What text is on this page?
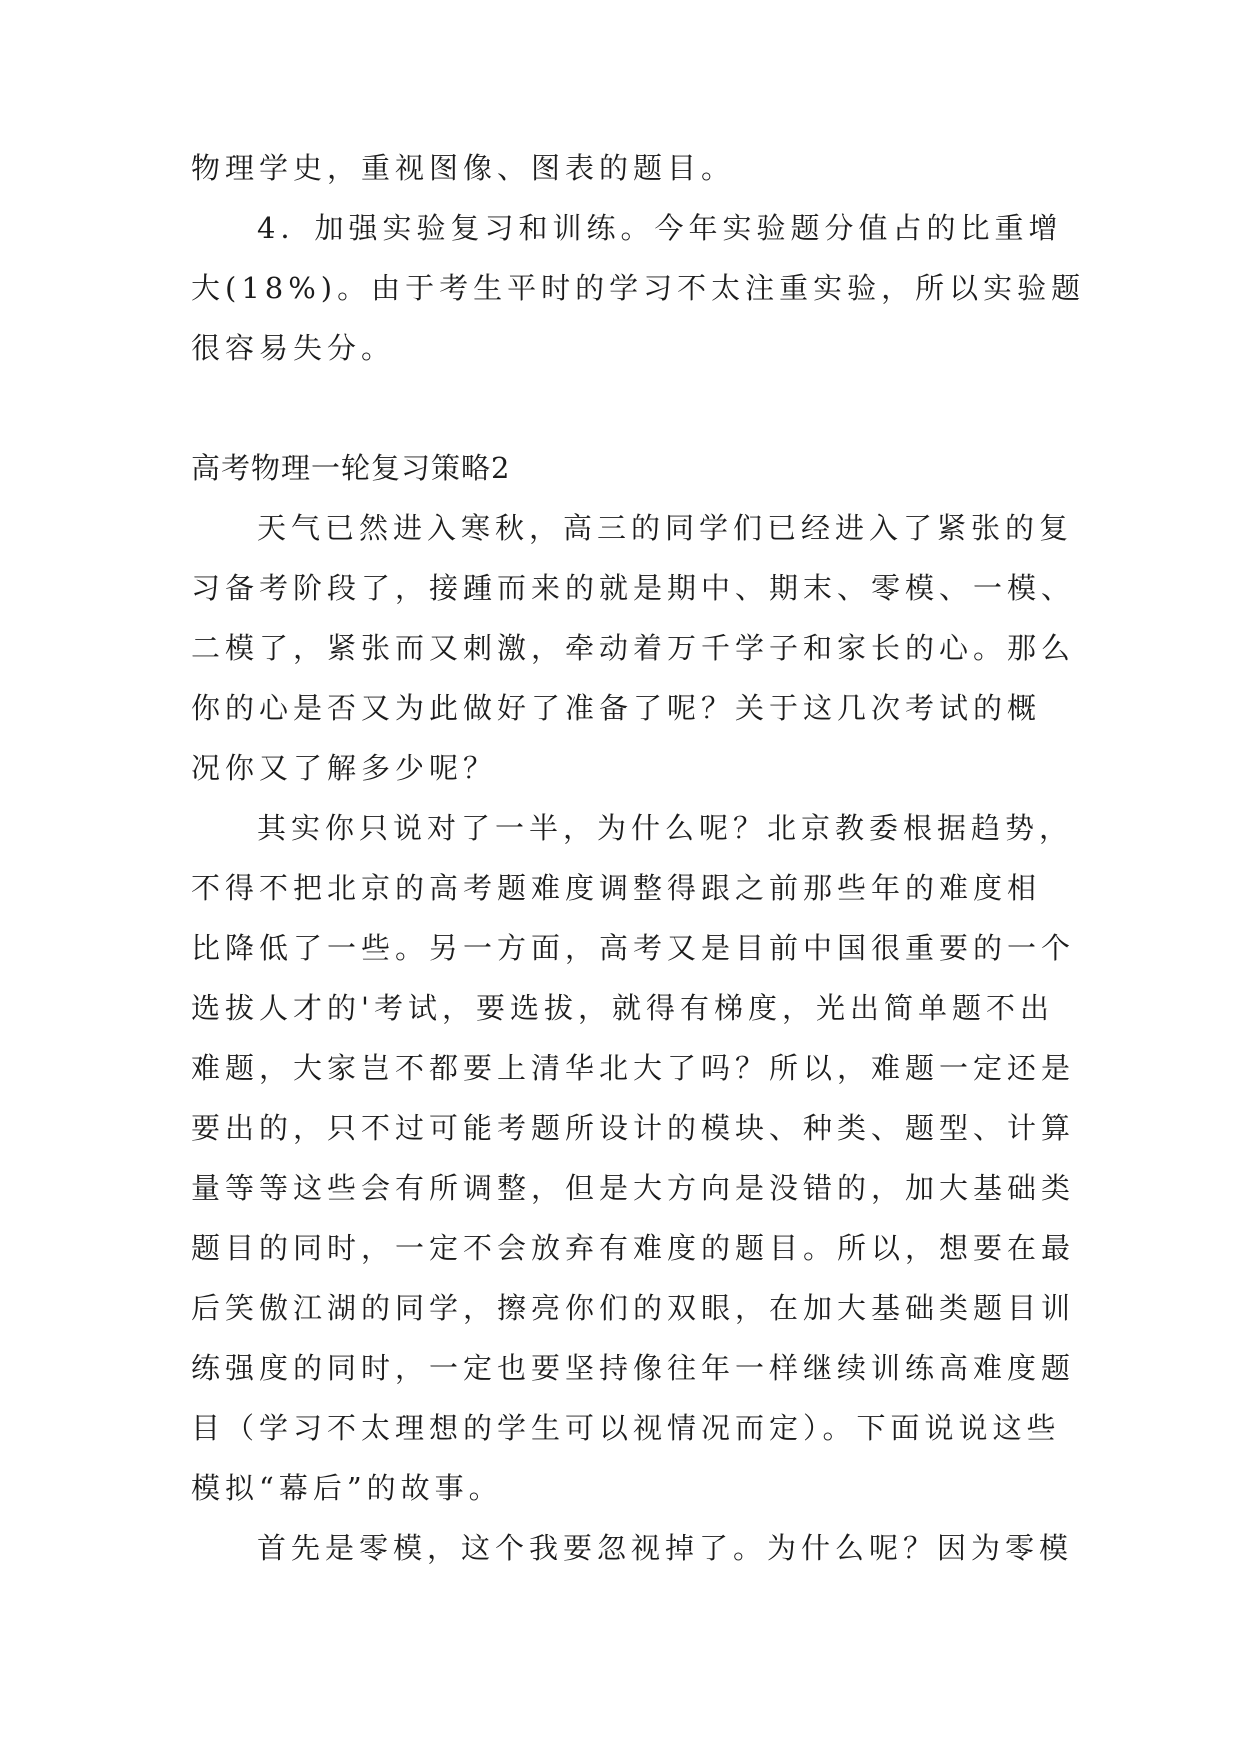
物理学史，重视图像、图表的题目。

4．加强实验复习和训练。今年实验题分值占的比重增

大(18%)。由于考生平时的学习不太注重实验，所以实验题

很容易失分。

高考物理一轮复习策略2

天气已然进入寒秋，高三的同学们已经进入了紧张的复

习备考阶段了，接踵而来的就是期中、期末、零模、一模、

二模了，紧张而又刺激，牵动着万千学子和家长的心。那么

你的心是否又为此做好了准备了呢？关于这几次考试的概

况你又了解多少呢？

其实你只说对了一半，为什么呢？北京教委根据趋势，

不得不把北京的高考题难度调整得跟之前那些年的难度相

比降低了一些。另一方面，高考又是目前中国很重要的一个

选拔人才的'考试，要选拔，就得有梯度，光出简单题不出

难题，大家岂不都要上清华北大了吗？所以，难题一定还是

要出的，只不过可能考题所设计的模块、种类、题型、计算

量等等这些会有所调整，但是大方向是没错的，加大基础类

题目的同时，一定不会放弃有难度的题目。所以，想要在最

后笑傲江湖的同学，擦亮你们的双眼，在加大基础类题目训

练强度的同时，一定也要坚持像往年一样继续训练高难度题

目（学习不太理想的学生可以视情况而定）。下面说说这些

模拟“幕后”的故事。

首先是零模，这个我要忽视掉了。为什么呢？因为零模
